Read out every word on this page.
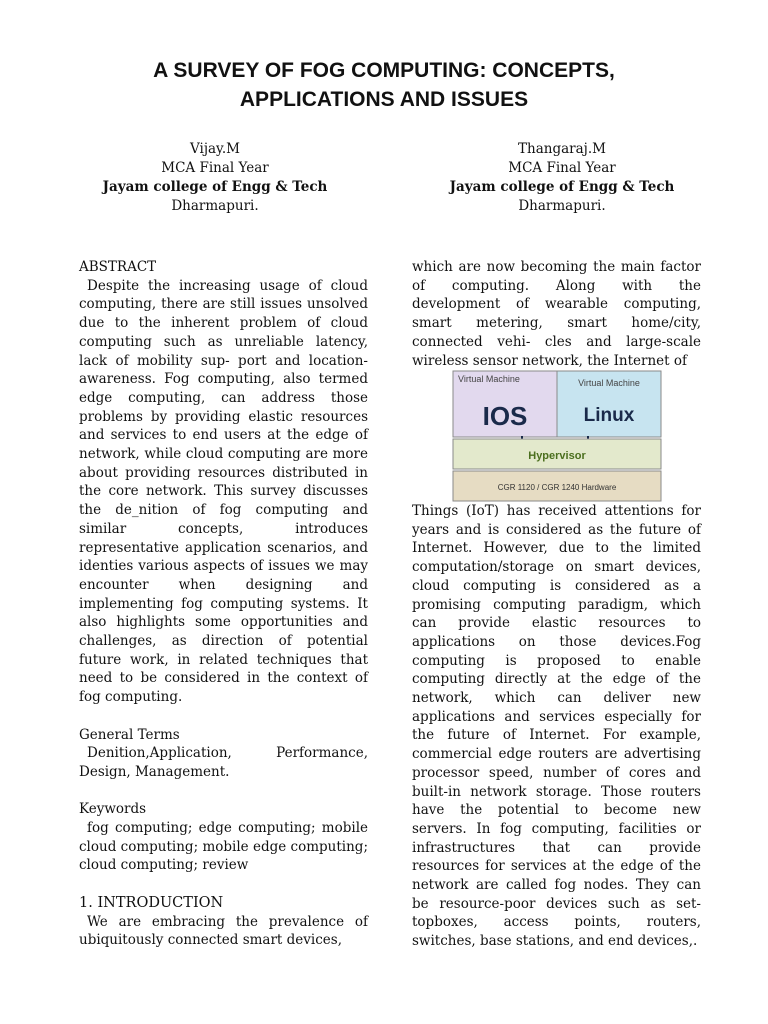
A SURVEY OF FOG COMPUTING: CONCEPTS,
APPLICATIONS AND ISSUES
Vijay.M
MCA Final Year
Jayam college of Engg & Tech
Dharmapuri.
Thangaraj.M
MCA Final Year
Jayam college of Engg & Tech
Dharmapuri.
ABSTRACT

Despite the increasing usage of cloud computing, there are still issues unsolved due to the inherent problem of cloud computing such as unreliable latency, lack of mobility sup- port and location-awareness. Fog computing, also termed edge computing, can address those problems by providing elastic resources and services to end users at the edge of network, while cloud computing are more about providing resources distributed in the core network. This survey discusses the de_nition of fog computing and similar concepts, introduces representative application scenarios, and identies various aspects of issues we may encounter when designing and implementing fog computing systems. It also highlights some opportunities and challenges, as direction of potential future work, in related techniques that need to be considered in the context of fog computing.

General Terms

Denition,Application, Performance, Design, Management.

Keywords

fog computing; edge computing; mobile cloud computing; mobile edge computing; cloud computing; review

1. INTRODUCTION

We are embracing the prevalence of ubiquitously connected smart devices,

which are now becoming the main factor of computing. Along with the development of wearable computing, smart metering, smart home/city, connected vehi- cles and large-scale wireless sensor network, the Internet of

Virtual Machine
IOS
Virtual Machine
Linux
Hypervisor
CGR 1120 / CGR 1240 Hardware

Things (IoT) has received attentions for years and is considered as the future of Internet. However, due to the limited computation/storage on smart devices, cloud computing is considered as a promising computing paradigm, which can provide elastic resources to applications on those devices.Fog computing is proposed to enable computing directly at the edge of the network, which can deliver new applications and services especially for the future of Internet. For example, commercial edge routers are advertising processor speed, number of cores and built-in network storage. Those routers have the potential to become new servers. In fog computing, facilities or infrastructures that can provide resources for services at the edge of the network are called fog nodes. They can be resource-poor devices such as set-topboxes, access points, routers, switches, base stations, and end devices,.
